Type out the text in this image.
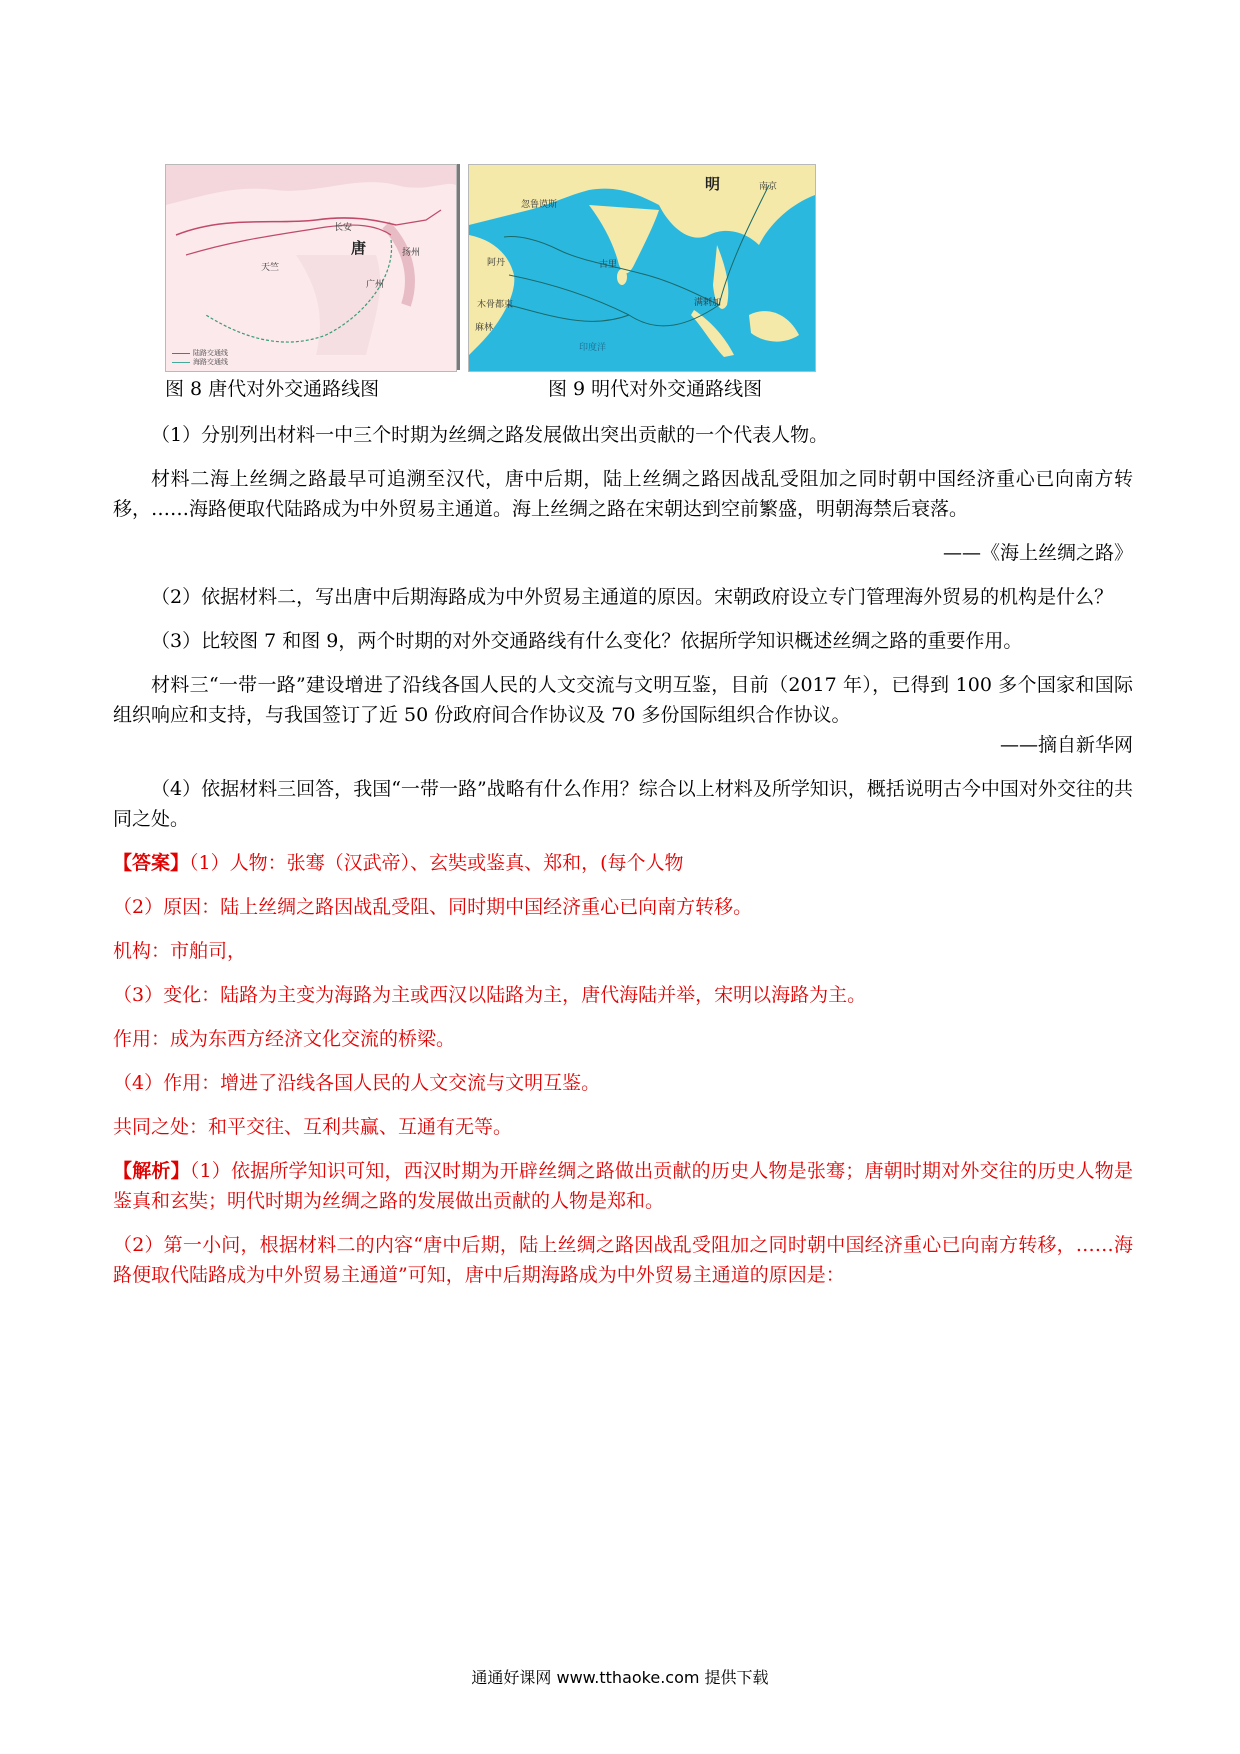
唐
长安
扬州
广州
天竺
陆路交通线
海路交通线
图 8 唐代对外交通路线图
明	南京
忽鲁谟斯
古里
满剌加
麻林
阿丹
木骨都束
印度洋
图 9 明代对外交通路线图

（1）分别列出材料一中三个时期为丝绸之路发展做出突出贡献的一个代表人物。

材料二海上丝绸之路最早可追溯至汉代，唐中后期，陆上丝绸之路因战乱受阻加之同时朝中国经济重心已向南方转移，……海路便取代陆路成为中外贸易主通道。海上丝绸之路在宋朝达到空前繁盛，明朝海禁后衰落。

——《海上丝绸之路》

（2）依据材料二，写出唐中后期海路成为中外贸易主通道的原因。宋朝政府设立专门管理海外贸易的机构是什么？

（3）比较图 7 和图 9，两个时期的对外交通路线有什么变化？依据所学知识概述丝绸之路的重要作用。

材料三“一带一路”建设增进了沿线各国人民的人文交流与文明互鉴，目前（2017 年），已得到 100 多个国家和国际组织响应和支持，与我国签订了近 50 份政府间合作协议及 70 多份国际组织合作协议。

——摘自新华网

（4）依据材料三回答，我国“一带一路”战略有什么作用？综合以上材料及所学知识，概括说明古今中国对外交往的共同之处。

【答案】（1）人物：张骞（汉武帝）、玄奘或鉴真、郑和，(每个人物

（2）原因：陆上丝绸之路因战乱受阻、同时期中国经济重心已向南方转移。

机构：市舶司，

（3）变化：陆路为主变为海路为主或西汉以陆路为主，唐代海陆并举，宋明以海路为主。

作用：成为东西方经济文化交流的桥梁。

（4）作用：增进了沿线各国人民的人文交流与文明互鉴。

共同之处：和平交往、互利共赢、互通有无等。

【解析】（1）依据所学知识可知，西汉时期为开辟丝绸之路做出贡献的历史人物是张骞；唐朝时期对外交往的历史人物是鉴真和玄奘；明代时期为丝绸之路的发展做出贡献的人物是郑和。

（2）第一小问，根据材料二的内容“唐中后期，陆上丝绸之路因战乱受阻加之同时朝中国经济重心已向南方转移，……海路便取代陆路成为中外贸易主通道”可知，唐中后期海路成为中外贸易主通道的原因是：

通通好课网 www.tthaoke.com 提供下载
